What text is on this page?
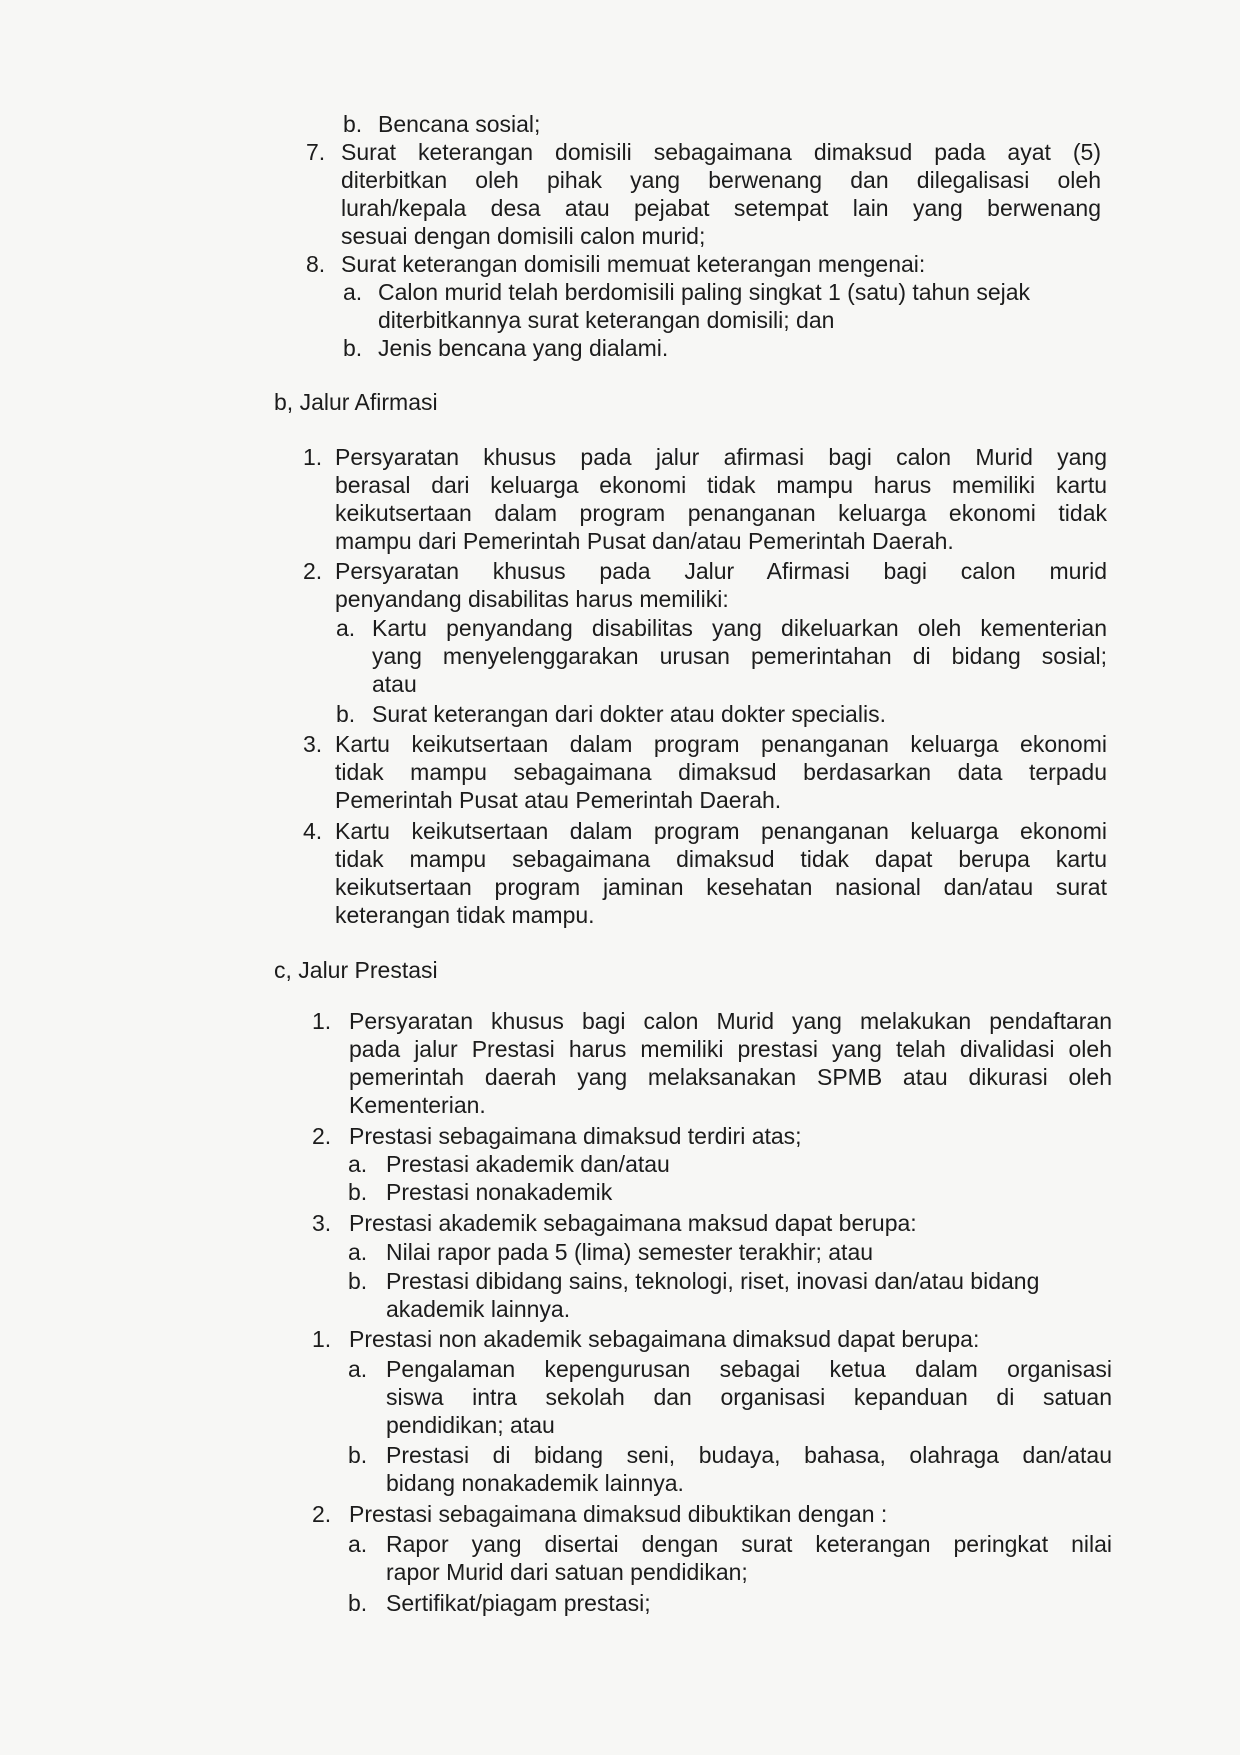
b. Bencana sosial;
7. Surat keterangan domisili sebagaimana dimaksud pada ayat (5)
diterbitkan oleh pihak yang berwenang dan dilegalisasi oleh
lurah/kepala desa atau pejabat setempat lain yang berwenang
sesuai dengan domisili calon murid;
8. Surat keterangan domisili memuat keterangan mengenai:
a. Calon murid telah berdomisili paling singkat 1 (satu) tahun sejak
diterbitkannya surat keterangan domisili; dan
b. Jenis bencana yang dialami.
b, Jalur Afirmasi
1. Persyaratan khusus pada jalur afirmasi bagi calon Murid yang
berasal dari keluarga ekonomi tidak mampu harus memiliki kartu
keikutsertaan dalam program penanganan keluarga ekonomi tidak
mampu dari Pemerintah Pusat dan/atau Pemerintah Daerah.
2. Persyaratan khusus pada Jalur Afirmasi bagi calon murid
penyandang disabilitas harus memiliki:
a. Kartu penyandang disabilitas yang dikeluarkan oleh kementerian
yang menyelenggarakan urusan pemerintahan di bidang sosial;
atau
b. Surat keterangan dari dokter atau dokter specialis.
3. Kartu keikutsertaan dalam program penanganan keluarga ekonomi
tidak mampu sebagaimana dimaksud berdasarkan data terpadu
Pemerintah Pusat atau Pemerintah Daerah.
4. Kartu keikutsertaan dalam program penanganan keluarga ekonomi
tidak mampu sebagaimana dimaksud tidak dapat berupa kartu
keikutsertaan program jaminan kesehatan nasional dan/atau surat
keterangan tidak mampu.
c, Jalur Prestasi
1. Persyaratan khusus bagi calon Murid yang melakukan pendaftaran
pada jalur Prestasi harus memiliki prestasi yang telah divalidasi oleh
pemerintah daerah yang melaksanakan SPMB atau dikurasi oleh
Kementerian.
2. Prestasi sebagaimana dimaksud terdiri atas;
a. Prestasi akademik dan/atau
b. Prestasi nonakademik
3. Prestasi akademik sebagaimana maksud dapat berupa:
a. Nilai rapor pada 5 (lima) semester terakhir; atau
b. Prestasi dibidang sains, teknologi, riset, inovasi dan/atau bidang
akademik lainnya.
1. Prestasi non akademik sebagaimana dimaksud dapat berupa:
a. Pengalaman kepengurusan sebagai ketua dalam organisasi
siswa intra sekolah dan organisasi kepanduan di satuan
pendidikan; atau
b. Prestasi di bidang seni, budaya, bahasa, olahraga dan/atau
bidang nonakademik lainnya.
2. Prestasi sebagaimana dimaksud dibuktikan dengan :
a. Rapor yang disertai dengan surat keterangan peringkat nilai
rapor Murid dari satuan pendidikan;
b. Sertifikat/piagam prestasi;
